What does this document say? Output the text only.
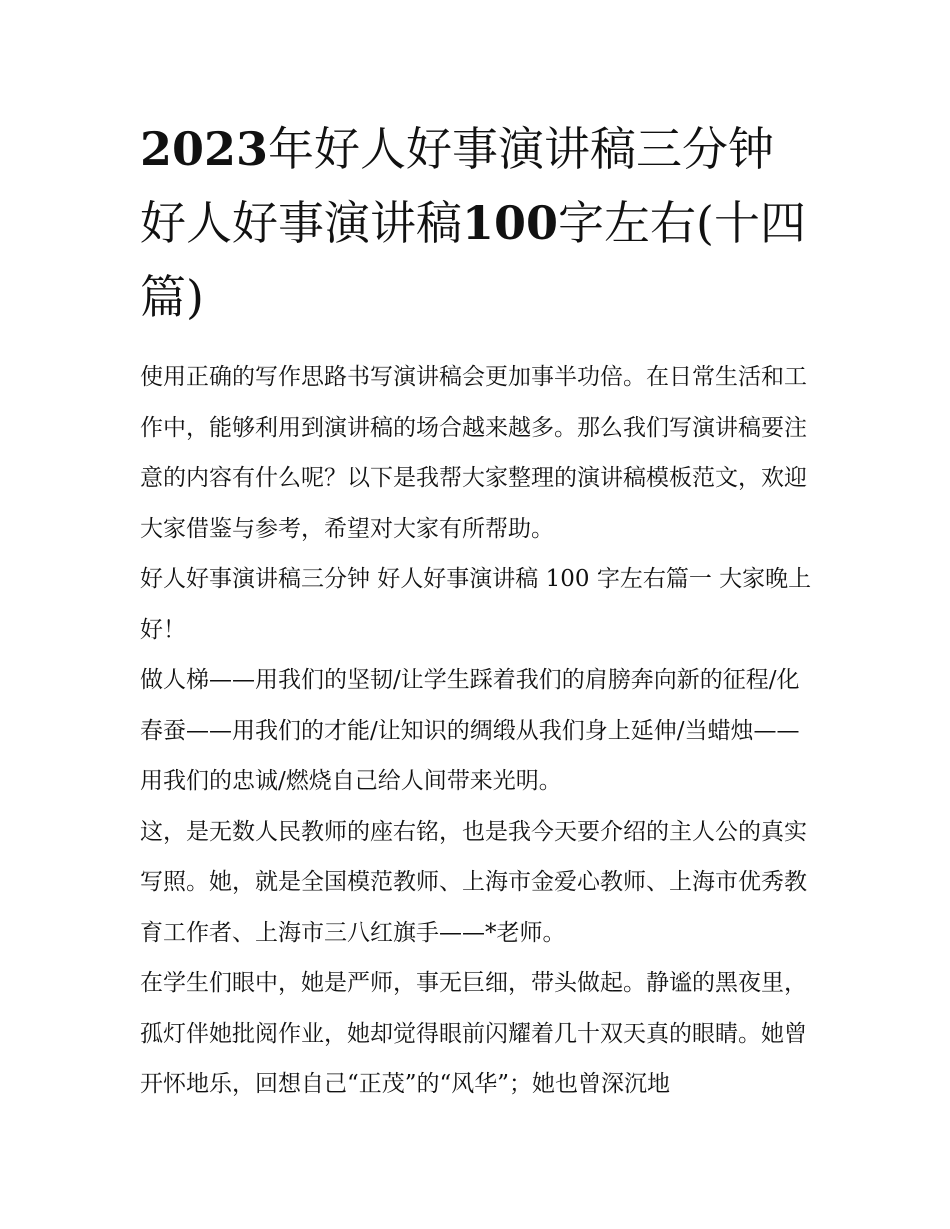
2023年好人好事演讲稿三分钟好人好事演讲稿100字左右(十四篇)

使用正确的写作思路书写演讲稿会更加事半功倍。在日常生活和工作中，能够利用到演讲稿的场合越来越多。那么我们写演讲稿要注意的内容有什么呢？以下是我帮大家整理的演讲稿模板范文，欢迎大家借鉴与参考，希望对大家有所帮助。

好人好事演讲稿三分钟 好人好事演讲稿 100 字左右篇一 大家晚上好！

做人梯——用我们的坚韧/让学生踩着我们的肩膀奔向新的征程/化春蚕——用我们的才能/让知识的绸缎从我们身上延伸/当蜡烛——用我们的忠诚/燃烧自己给人间带来光明。

这，是无数人民教师的座右铭，也是我今天要介绍的主人公的真实写照。她，就是全国模范教师、上海市金爱心教师、上海市优秀教育工作者、上海市三八红旗手——*老师。

在学生们眼中，她是严师，事无巨细，带头做起。静谧的黑夜里，孤灯伴她批阅作业，她却觉得眼前闪耀着几十双天真的眼睛。她曾开怀地乐，回想自己“正茂”的“风华”；她也曾深沉地
